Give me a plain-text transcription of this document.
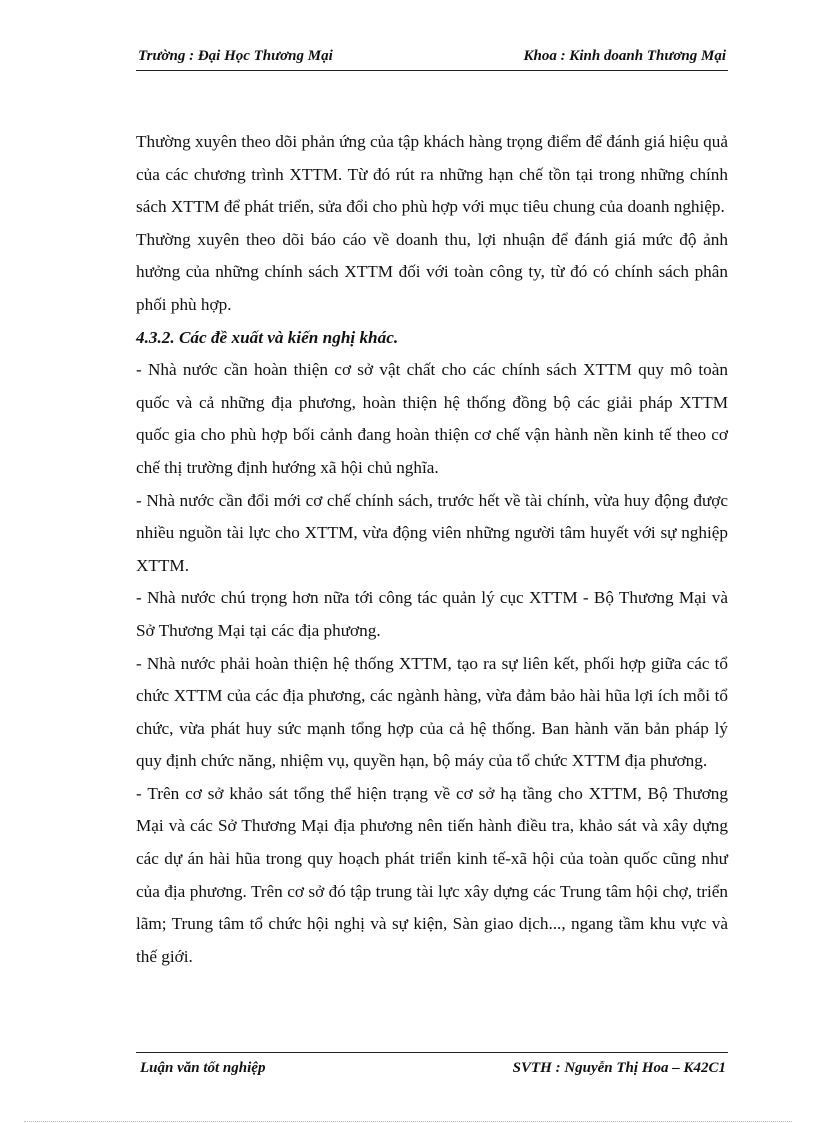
Trường : Đại Học Thương Mại	Khoa : Kinh doanh Thương Mại

Thường xuyên theo dõi phản ứng của tập khách hàng trọng điểm để đánh giá hiệu quả của các chương trình XTTM. Từ đó rút ra những hạn chế tồn tại trong những chính sách XTTM để phát triển, sửa đổi cho phù hợp với mục tiêu chung của doanh nghiệp.

Thường xuyên theo dõi báo cáo về doanh thu, lợi nhuận để đánh giá mức độ ảnh hưởng của những chính sách XTTM đối với toàn công ty, từ đó có chính sách phân phối phù hợp.

4.3.2. Các đề xuất và kiến nghị khác.

- Nhà nước cần hoàn thiện cơ sở vật chất cho các chính sách XTTM quy mô toàn quốc và cả những địa phương, hoàn thiện hệ thống đồng bộ các giải pháp XTTM quốc gia cho phù hợp bối cảnh đang hoàn thiện cơ chế vận hành nền kinh tế theo cơ chế thị trường định hướng xã hội chủ nghĩa.

- Nhà nước cần đổi mới cơ chế chính sách, trước hết về tài chính, vừa huy động được nhiều nguồn tài lực cho XTTM, vừa động viên những người tâm huyết với sự nghiệp XTTM.

- Nhà nước chú trọng hơn nữa tới công tác quản lý cục XTTM - Bộ Thương Mại và Sở Thương Mại tại các địa phương.

- Nhà nước phải hoàn thiện hệ thống XTTM, tạo ra sự liên kết, phối hợp giữa các tổ chức XTTM của các địa phương, các ngành hàng, vừa đảm bảo hài hũa lợi ích mỗi tổ chức, vừa phát huy sức mạnh tổng hợp của cả hệ thống. Ban hành văn bản pháp lý quy định chức năng, nhiệm vụ, quyền hạn, bộ máy của tổ chức XTTM địa phương.

- Trên cơ sở khảo sát tổng thể hiện trạng về cơ sở hạ tầng cho XTTM, Bộ Thương Mại và các Sở Thương Mại địa phương nên tiến hành điều tra, khảo sát và xây dựng các dự án hài hũa trong quy hoạch phát triển kinh tế-xã hội của toàn quốc cũng như của địa phương. Trên cơ sở đó tập trung tài lực xây dựng các Trung tâm hội chợ, triển lãm; Trung tâm tổ chức hội nghị và sự kiện, Sàn giao dịch..., ngang tầm khu vực và thế giới.

Luận văn tốt nghiệp	SVTH : Nguyễn Thị Hoa – K42C1
